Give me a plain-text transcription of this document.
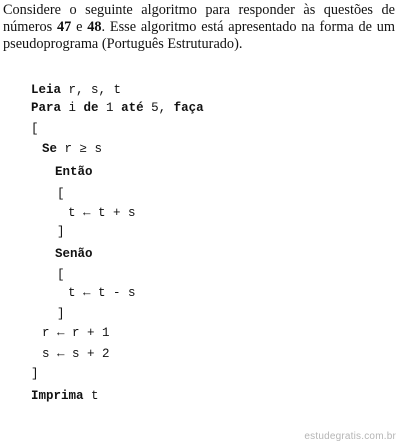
Considere o seguinte algoritmo para responder às questões de números 47 e 48. Esse algoritmo está apresentado na forma de um pseudoprograma (Português Estruturado).

Leia r, s, t
Para i de 1 até 5, faça
[
Se r ≥ s
Então
[
t ← t + s
]
Senão
[
t ← t - s
]
r ← r + 1
s ← s + 2
]
Imprima t
estudegratis.com.br
